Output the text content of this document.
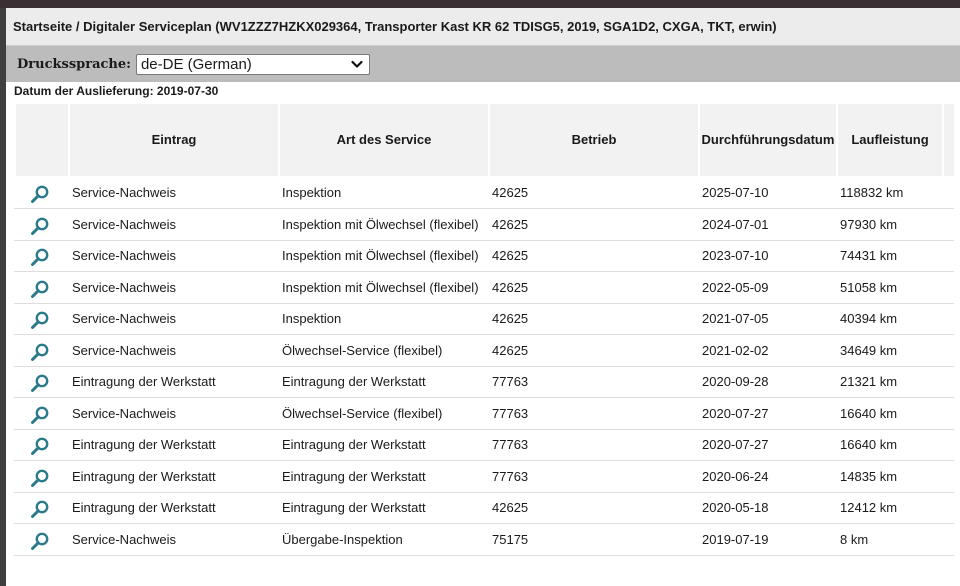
Startseite / Digitaler Serviceplan (WV1ZZZ7HZKX029364, Transporter Kast KR 62 TDISG5, 2019, SGA1D2, CXGA, TKT, erwin)
Druckssprache: de-DE (German)
Datum der Auslieferung: 2019-07-30
Eintrag	Art des Service	Betrieb	Durchführungsdatum	Laufleistung
Service-Nachweis	Inspektion	42625	2025-07-10	118832 km
Service-Nachweis	Inspektion mit Ölwechsel (flexibel) 42625	2024-07-01	97930 km
Service-Nachweis	Inspektion mit Ölwechsel (flexibel) 42625	2023-07-10	74431 km
Service-Nachweis	Inspektion mit Ölwechsel (flexibel) 42625	2022-05-09	51058 km
Service-Nachweis	Inspektion	42625	2021-07-05	40394 km
Service-Nachweis	Ölwechsel-Service (flexibel)	42625	2021-02-02	34649 km
Eintragung der Werkstatt	Eintragung der Werkstatt	77763	2020-09-28	21321 km
Service-Nachweis	Ölwechsel-Service (flexibel)	77763	2020-07-27	16640 km
Eintragung der Werkstatt	Eintragung der Werkstatt	77763	2020-07-27	16640 km
Eintragung der Werkstatt	Eintragung der Werkstatt	77763	2020-06-24	14835 km
Eintragung der Werkstatt	Eintragung der Werkstatt	42625	2020-05-18	12412 km
Service-Nachweis	Übergabe-Inspektion	75175	2019-07-19	8 km
